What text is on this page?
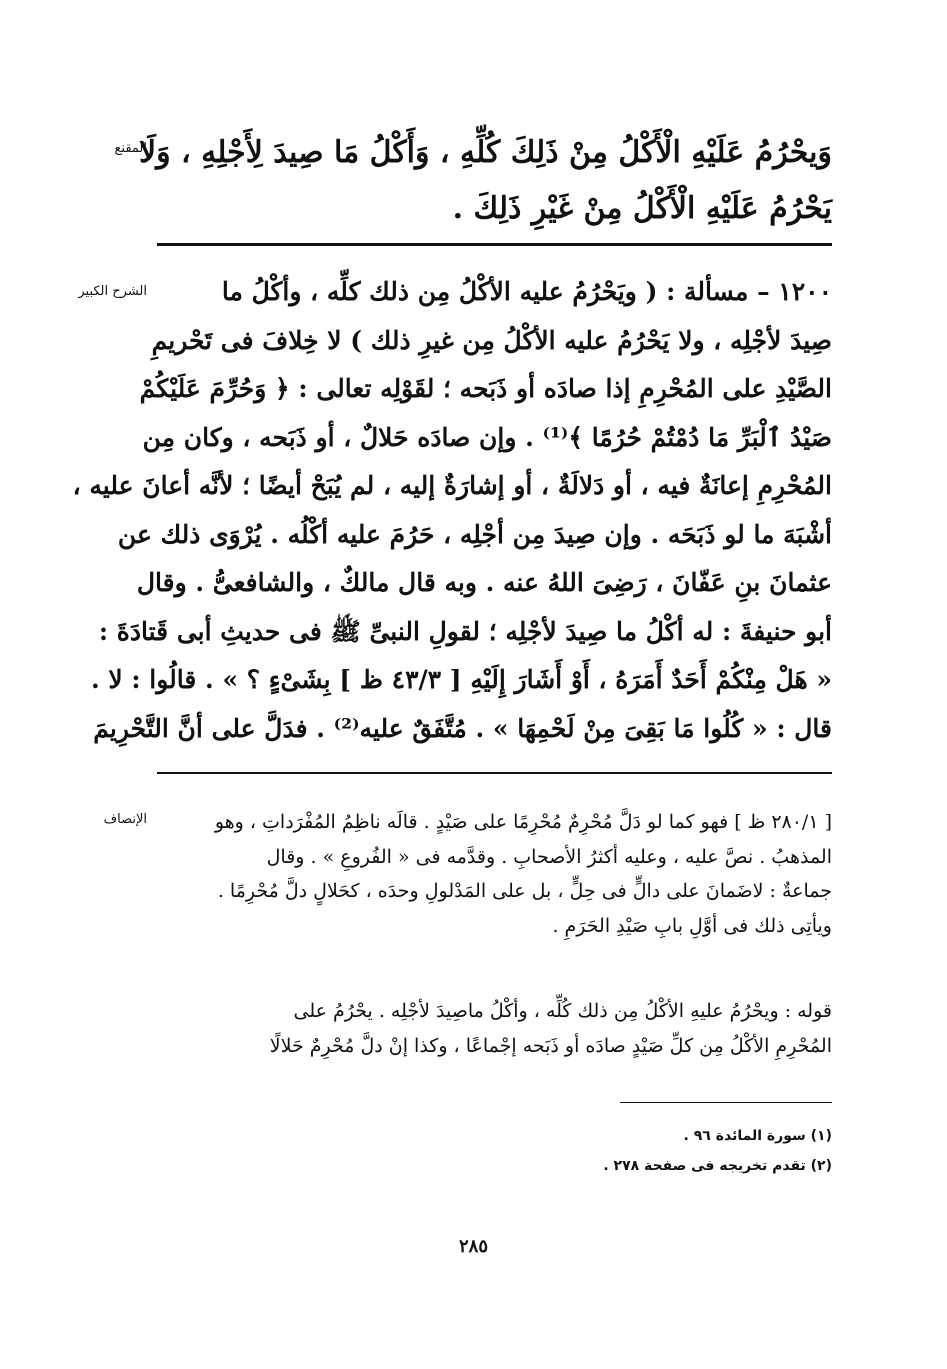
المقنع
وَيحْرُمُ عَلَيْهِ الْأَكْلُ مِنْ ذَلِكَ كُلِّهِ ، وَأَكْلُ مَا صِيدَ لِأَجْلِهِ ، وَلَا
يَحْرُمُ عَلَيْهِ الْأَكْلُ مِنْ غَيْرِ ذَلِكَ .
الشرح الكبير	١٢٠٠ – مسألة : ( ويَحْرُمُ عليه الأكْلُ مِن ذلك كلِّه ، وأكْلُ ما
صِيدَ لأجْلِه ، ولا يَحْرُمُ عليه الأكْلُ مِن غيرِ ذلك ) لا خِلافَ فى تَحْريمِ
الصَّيْدِ على المُحْرِمِ إذا صادَه أو ذَبَحه ؛ لقَوْلِه تعالى : ﴿ وَحُرِّمَ عَلَيْكُمْ
صَيْدُ ٱلْبَرِّ مَا دُمْتُمْ حُرُمًا ﴾⁽¹⁾ . وإن صادَه حَلالٌ ، أو ذَبَحه ، وكان مِن
المُحْرِمِ إعانَةٌ فيه ، أو دَلالَةٌ ، أو إشارَةٌ إليه ، لم يُبَحْ أيضًا ؛ لأنَّه أعانَ عليه ،
أشْبَهَ ما لو ذَبَحَه . وإن صِيدَ مِن أجْلِه ، حَرُمَ عليه أكْلُه . يُرْوَى ذلك عن
عثمانَ بنِ عَفّانَ ، رَضِىَ اللهُ عنه . وبه قال مالكٌ ، والشافعىُّ . وقال
أبو حنيفةَ : له أكْلُ ما صِيدَ لأجْلِه ؛ لقولِ النبىِّ ﷺ فى حديثِ أبى قَتادَةَ :
« هَلْ مِنْكُمْ أَحَدٌ أَمَرَهُ ، أَوْ أَشَارَ إِلَيْهِ [ ٤٣/٣ ظ ] بِشَىْءٍ ؟ » . قالُوا : لا .
قال : « كُلُوا مَا بَقِىَ مِنْ لَحْمِهَا » . مُتَّفَقٌ عليه⁽²⁾ . فدَلَّ على أنَّ التَّحْرِيمَ
الإنصاف	[ ٢٨٠/١ ظ ] فهو كما لو دَلَّ مُحْرِمٌ مُحْرِمًا على صَيْدٍ . قالَه ناظِمُ المُفْرَداتِ ، وهو
المذهبُ . نصَّ عليه ، وعليه أكثرُ الأصحابِ . وقدَّمه فى « الفُروعِ » . وقال
جماعةٌ : لاضَمانَ على دالٍّ فى حِلٍّ ، بل على المَدْلولِ وحدَه ، كحَلالٍ دلَّ مُحْرِمًا .
ويأتِى ذلك فى أوَّلِ بابِ صَيْدِ الحَرَمِ .
قوله : ويحْرُمُ عليهِ الأكْلُ مِن ذلك كُلِّه ، وأكْلُ ماصِيدَ لأجْلِه . يحْرُمُ على
المُحْرِمِ الأكْلُ مِن كلِّ صَيْدٍ صادَه أو ذَبَحه إجْماعًا ، وكذا إنْ دلَّ مُحْرِمٌ حَلالًا
(١) سورة المائدة ٩٦ .
(٢) تقدم تخريجه فى صفحة ٢٧٨ .
٢٨٥
